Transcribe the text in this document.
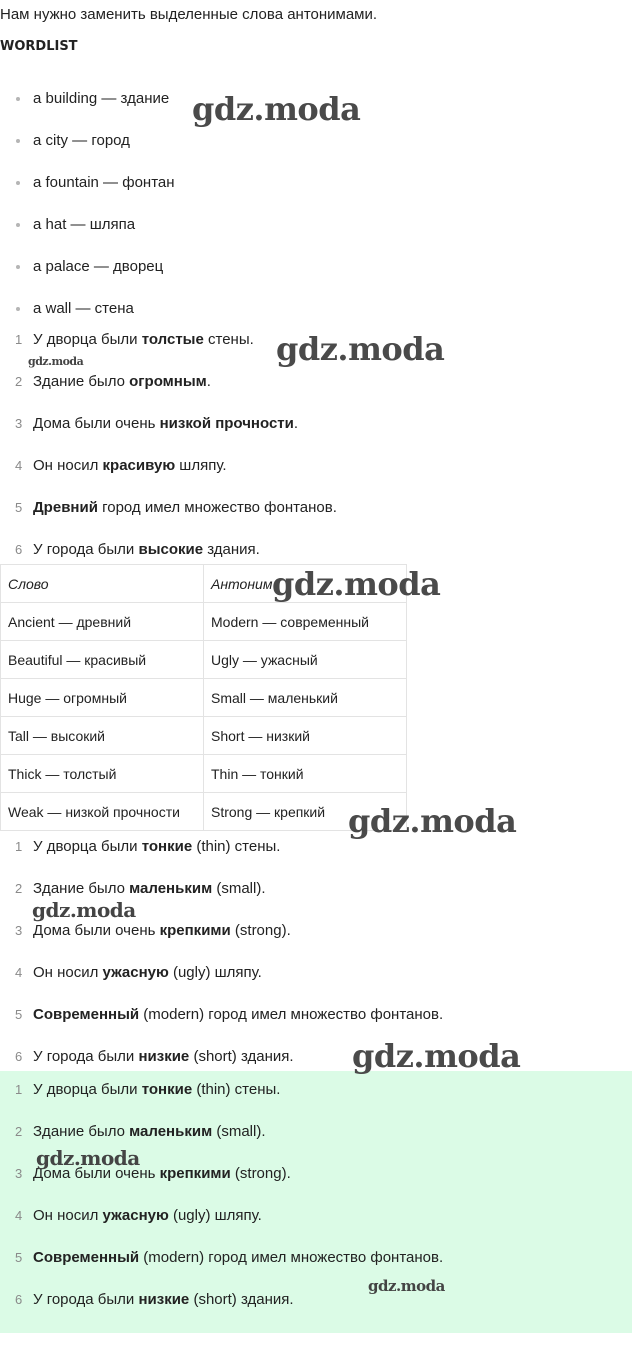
Нам нужно заменить выделенные слова антонимами.
WORDLIST
a building — здание
a city — город
a fountain — фонтан
a hat — шляпа
a palace — дворец
a wall — стена
1 У дворца были толстые стены.
2 Здание было огромным.
3 Дома были очень низкой прочности.
4 Он носил красивую шляпу.
5 Древний город имел множество фонтанов.
6 У города были высокие здания.
Слово	Антоним
Ancient — древний	Modern — современный
Beautiful — красивый	Ugly — ужасный
Huge — огромный	Small — маленький
Tall — высокий	Short — низкий
Thick — толстый	Thin — тонкий
Weak — низкой прочности	Strong — крепкий
1 У дворца были тонкие (thin) стены.
2 Здание было маленьким (small).
3 Дома были очень крепкими (strong).
4 Он носил ужасную (ugly) шляпу.
5 Современный (modern) город имел множество фонтанов.
6 У города были низкие (short) здания.
1 У дворца были тонкие (thin) стены.
2 Здание было маленьким (small).
3 Дома были очень крепкими (strong).
4 Он носил ужасную (ugly) шляпу.
5 Современный (modern) город имел множество фонтанов.
6 У города были низкие (short) здания.
gdz.moda
gdz.moda
gdz.moda
gdz.moda
gdz.moda
gdz.moda
gdz.moda
gdz.moda
gdz.moda
